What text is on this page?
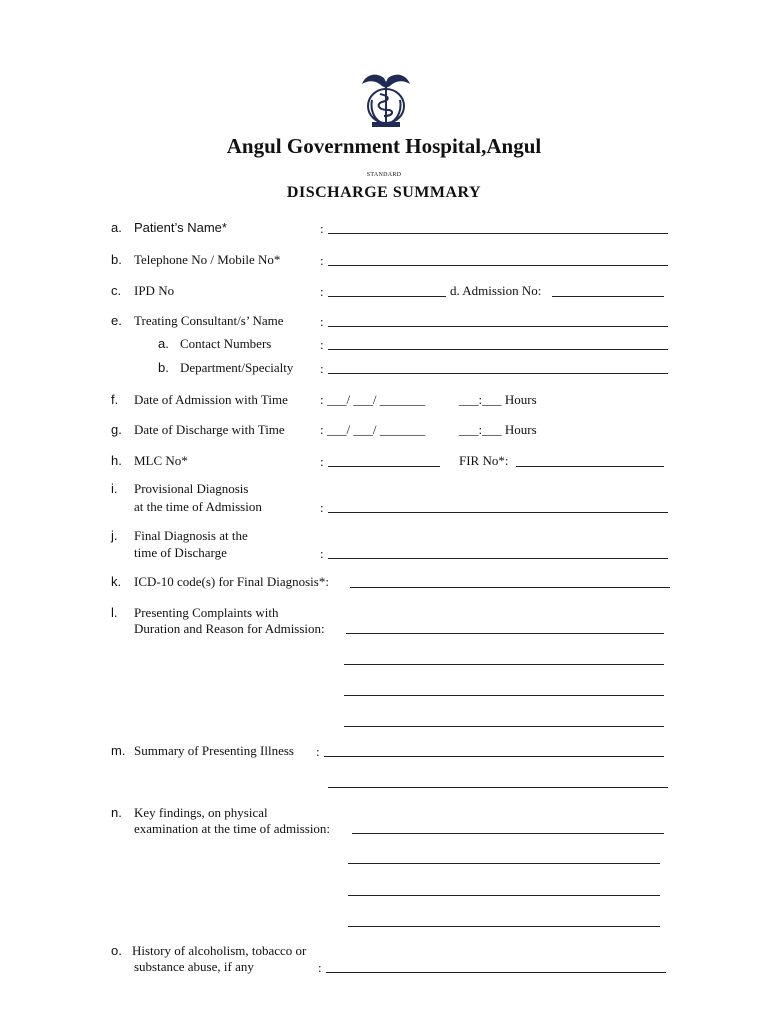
Angul Government Hospital,Angul
STANDARD
DISCHARGE SUMMARY
a. Patient’s Name*	:
b. Telephone No / Mobile No*	:
c. IPD No	:	d. Admission No:
e. Treating Consultant/s’ Name	:
a. Contact Numbers	:
b. Department/Specialty :
f. Date of Admission with Time : ___/ ___/ _______	___:___ Hours
g. Date of Discharge with Time	: ___/ ___/ _______	___:___ Hours
h. MLC No*	:	FIR No*:
i. Provisional Diagnosis
at the time of Admission	:
j. Final Diagnosis at the
time of Discharge	:
k. ICD-10 code(s) for Final Diagnosis*:
l. Presenting Complaints with
Duration and Reason for Admission:
m. Summary of Presenting Illness :
n. Key findings, on physical
examination at the time of admission:
o. History of alcoholism, tobacco or
substance abuse, if any	:
